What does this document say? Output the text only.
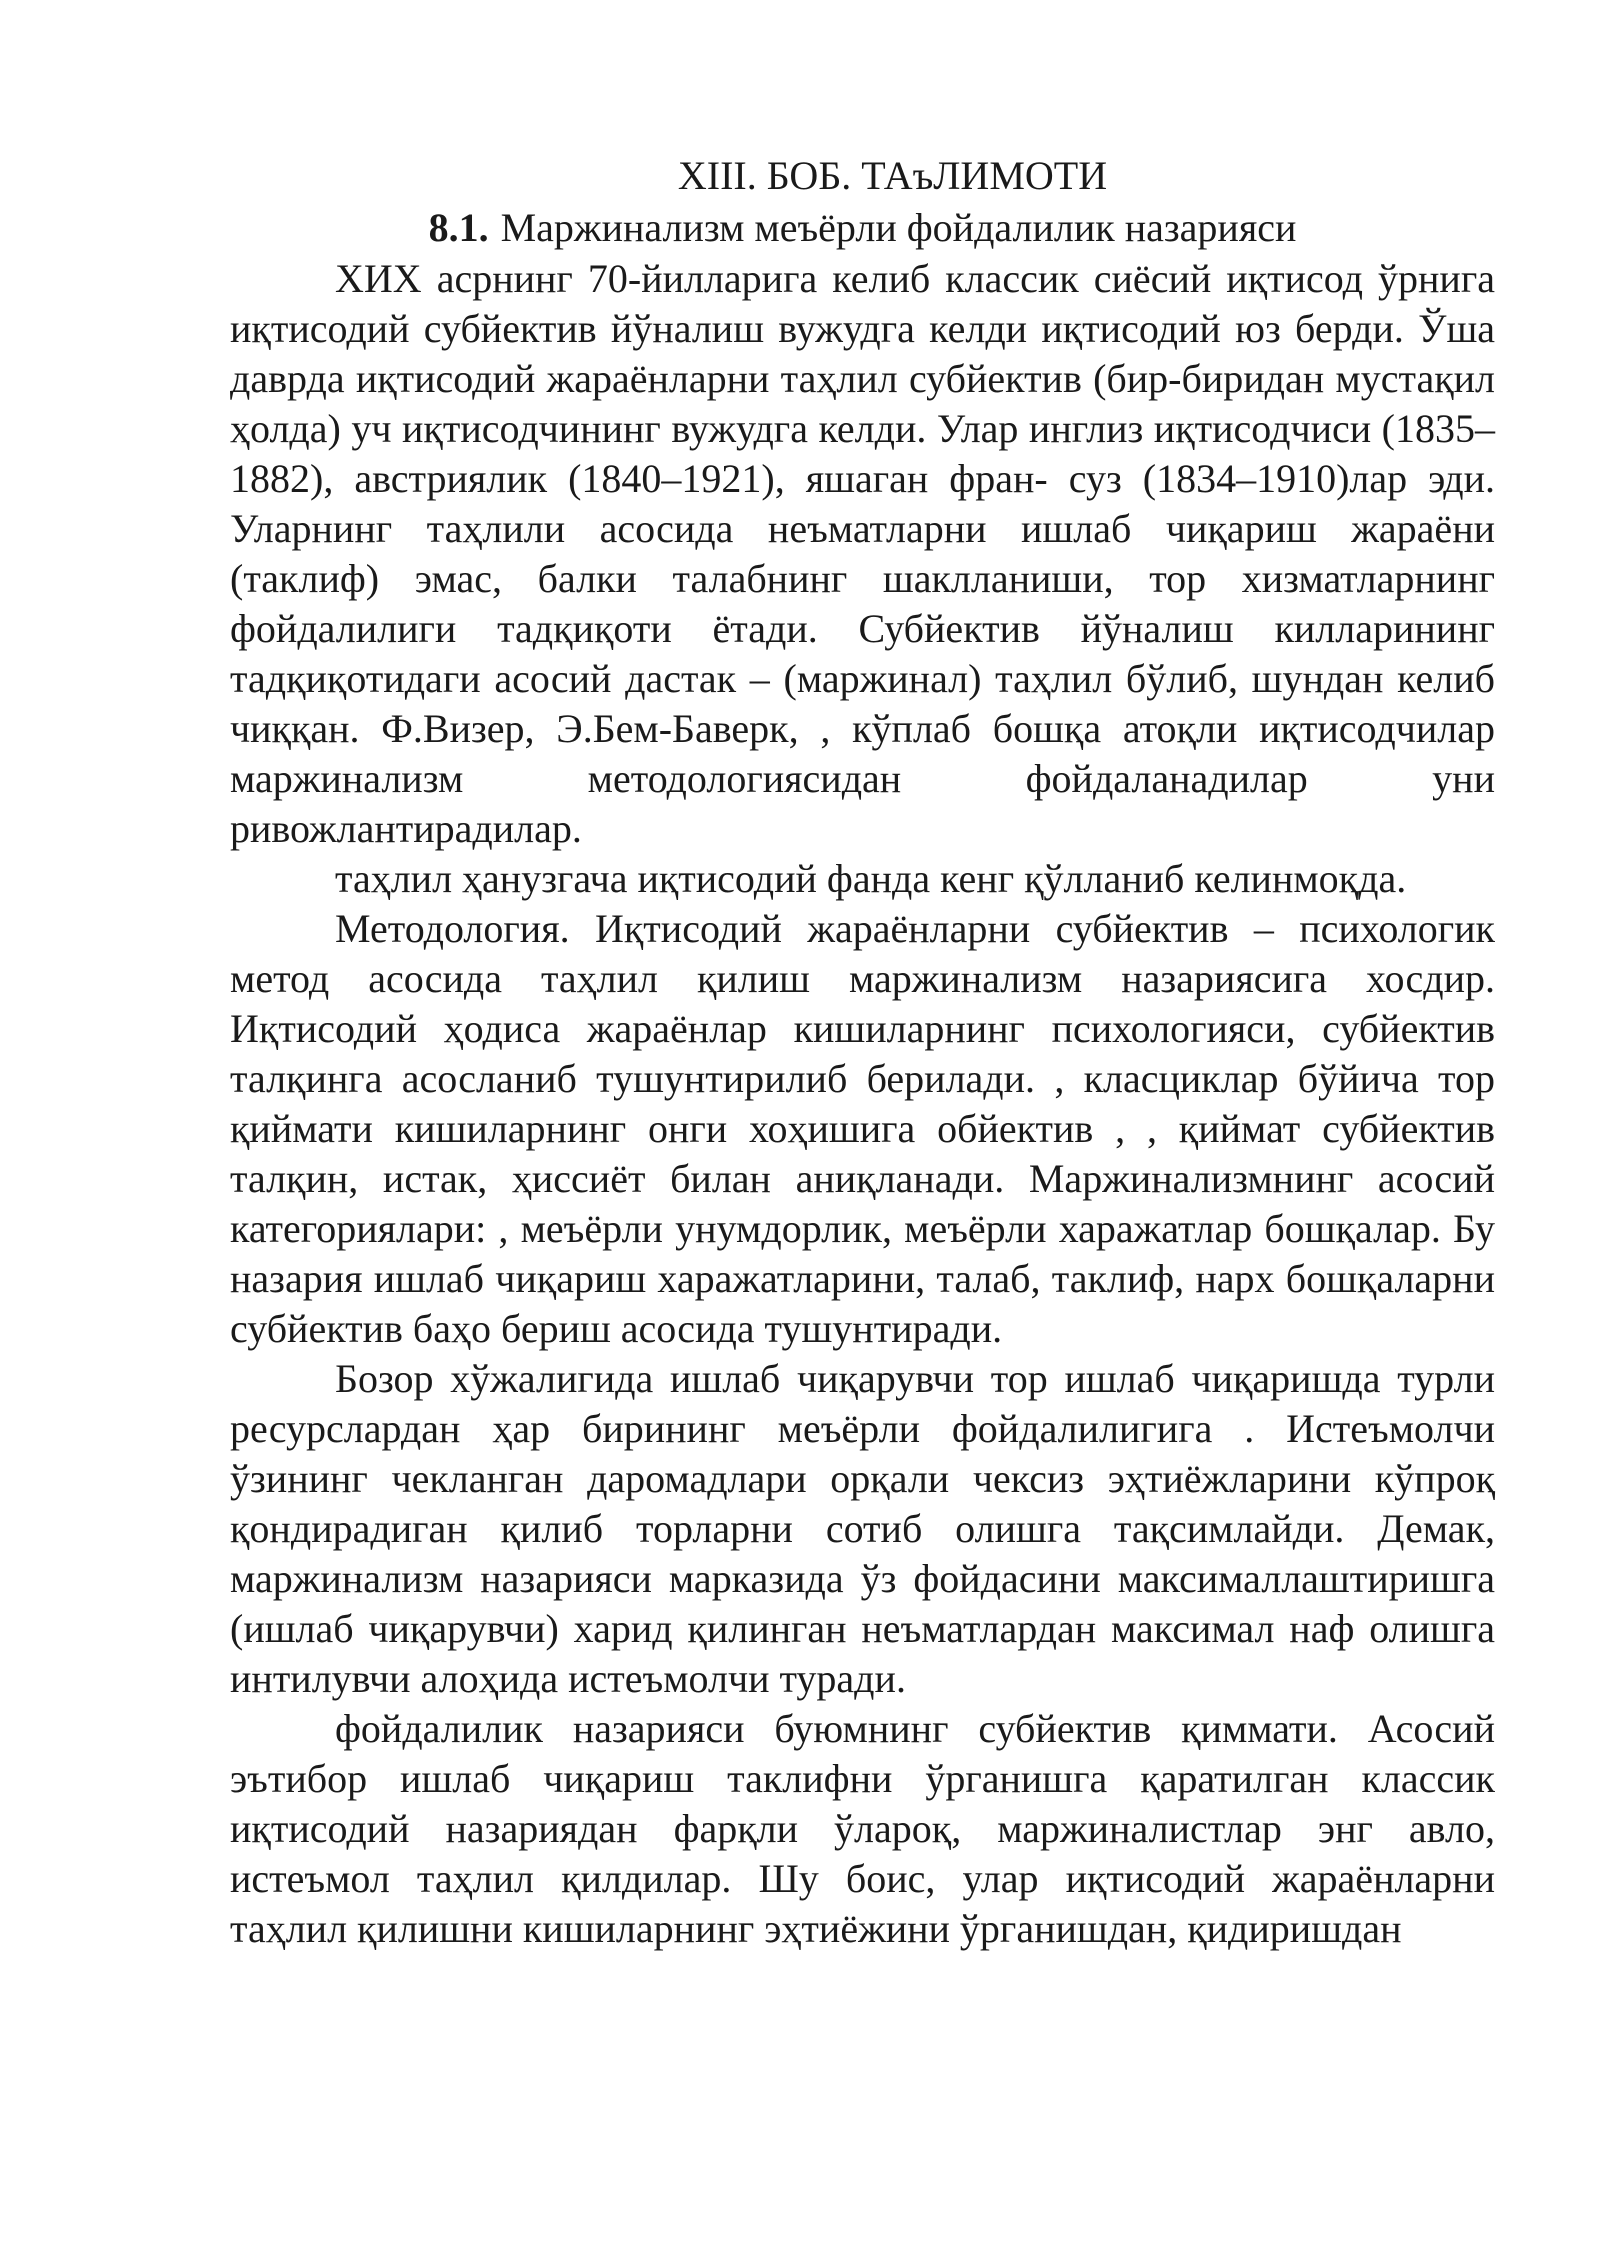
XIII. БОБ. ТАъЛИМОТИ
8.1. Маржинализм меъёрли фойдалилик назарияси

XИX асрнинг 70-йилларига келиб классик сиёсий иқтисод ўрнига иқтисодий субйектив йўналиш вужудга келди иқтисодий юз берди. Ўша даврда иқтисодий жараёнларни таҳлил субйектив (бир-биридан мустақил ҳолда) уч иқтисодчининг вужудга келди. Улар инглиз иқтисодчиси (1835–1882), австриялик (1840–1921), яшаган фран- суз (1834–1910)лар эди. Уларнинг таҳлили асосида неъматларни ишлаб чиқариш жараёни (таклиф) эмас, балки талабнинг шаклланиши, тор хизматларнинг фойдалилиги тадқиқоти ётади. Субйектив йўналиш килларининг тадқиқотидаги асосий дастак – (маржинал) таҳлил бўлиб, шундан келиб чиққан. Ф.Визер, Э.Бем-Баверк, , кўплаб бошқа атоқли иқтисодчилар маржинализм методологиясидан фойдаланадилар уни ривожлантирадилар.

таҳлил ҳанузгача иқтисодий фанда кенг қўлланиб келинмоқда.

Методология. Иқтисодий жараёнларни субйектив – психологик метод асосида таҳлил қилиш маржинализм назариясига хосдир. Иқтисодий ҳодиса жараёнлар кишиларнинг психологияси, субйектив талқинга асосланиб тушунтирилиб берилади. , класциклар бўйича тор қиймати кишиларнинг онги хоҳишига обйектив , , қиймат субйектив талқин, истак, ҳиссиёт билан аниқланади. Маржинализмнинг асосий категориялари: , меъёрли унумдорлик, меъёрли харажатлар бошқалар. Бу назария ишлаб чиқариш харажатларини, талаб, таклиф, нарх бошқаларни субйектив баҳо бериш асосида тушунтиради.

Бозор хўжалигида ишлаб чиқарувчи тор ишлаб чиқаришда турли ресурслардан ҳар бирининг меъёрли фойдалилигига . Истеъмолчи ўзининг чекланган даромадлари орқали чексиз эҳтиёжларини кўпроқ қондирадиган қилиб торларни сотиб олишга тақсимлайди. Демак, маржинализм назарияси марказида ўз фойдасини максималлаштиришга (ишлаб чиқарувчи) харид қилинган неъматлардан максимал наф олишга интилувчи алоҳида истеъмолчи туради.

фойдалилик назарияси буюмнинг субйектив қиммати. Асосий эътибор ишлаб чиқариш таклифни ўрганишга қаратилган классик иқтисодий назариядан фарқли ўлароқ, маржиналистлар энг авло, истеъмол таҳлил қилдилар. Шу боис, улар иқтисодий жараёнларни таҳлил қилишни кишиларнинг эҳтиёжини ўрганишдан, қидиришдан
